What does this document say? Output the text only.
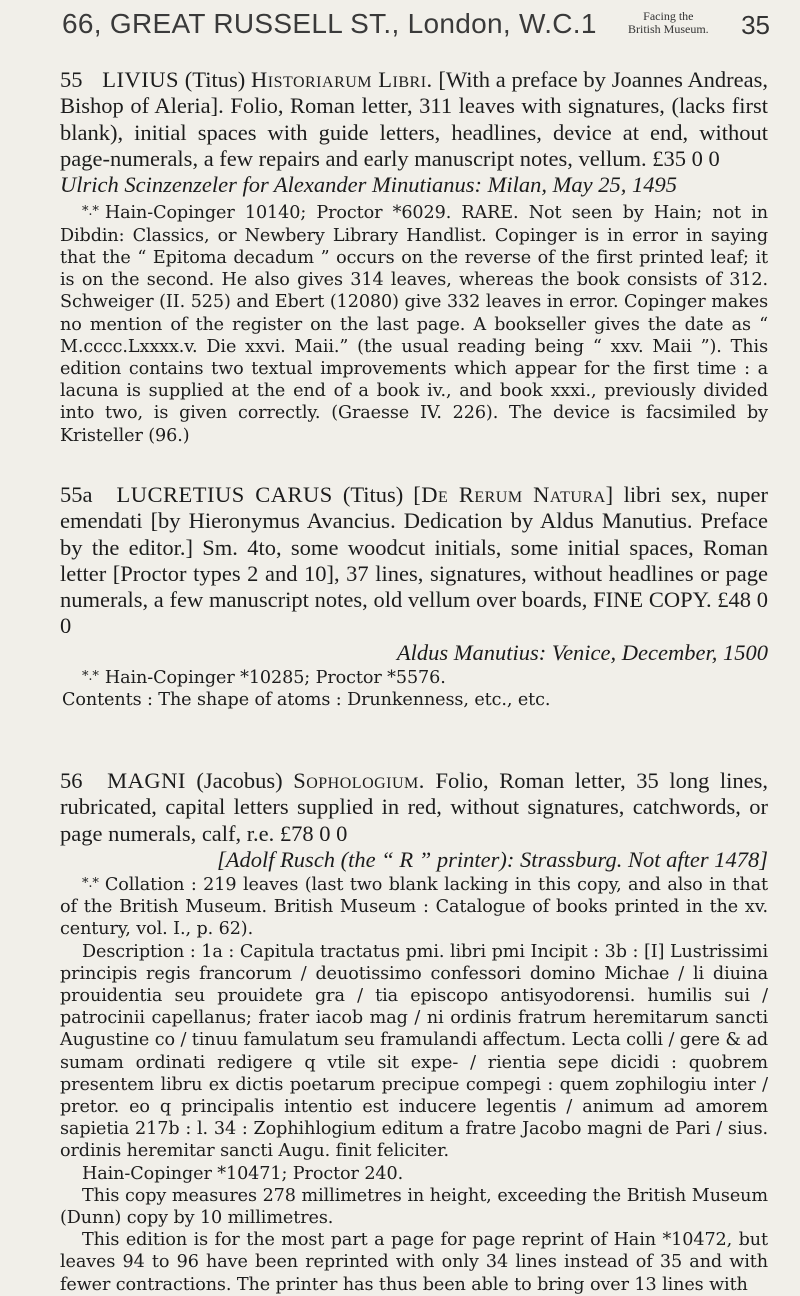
66, GREAT RUSSELL ST., London, W.C.1	Facing the
British Museum. 35

55 LIVIUS (Titus) Historiarum Libri. [With a preface by Joannes Andreas, Bishop of Aleria]. Folio, Roman letter, 311 leaves with signatures, (lacks first blank), initial spaces with guide letters, headlines, device at end, without page-numerals, a few repairs and early manuscript notes, vellum. £35 0 0

Ulrich Scinzenzeler for Alexander Minutianus: Milan, May 25, 1495

*.* Hain-Copinger 10140; Proctor *6029. RARE. Not seen by Hain; not in Dibdin: Classics, or Newbery Library Handlist. Copinger is in error in saying that the “ Epitoma decadum ” occurs on the reverse of the first printed leaf; it is on the second. He also gives 314 leaves, whereas the book consists of 312. Schweiger (II. 525) and Ebert (12080) give 332 leaves in error. Copinger makes no mention of the register on the last page. A bookseller gives the date as “ M.cccc.Lxxxx.v. Die xxvi. Maii.” (the usual reading being “ xxv. Maii ”). This edition contains two textual improvements which appear for the first time : a lacuna is supplied at the end of a book iv., and book xxxi., previously divided into two, is given correctly. (Graesse IV. 226). The device is facsimiled by Kristeller (96.)

55a LUCRETIUS CARUS (Titus) [De Rerum Natura] libri sex, nuper emendati [by Hieronymus Avancius. Dedication by Aldus Manutius. Preface by the editor.] Sm. 4to, some woodcut initials, some initial spaces, Roman letter [Proctor types 2 and 10], 37 lines, signatures, without headlines or page numerals, a few manuscript notes, old vellum over boards, FINE COPY. £48 0 0

Aldus Manutius: Venice, December, 1500

*.* Hain-Copinger *10285; Proctor *5576.

Contents : The shape of atoms : Drunkenness, etc., etc.

56 MAGNI (Jacobus) Sophologium. Folio, Roman letter, 35 long lines, rubricated, capital letters supplied in red, without signatures, catchwords, or page numerals, calf, r.e. £78 0 0

[Adolf Rusch (the “ R ” printer): Strassburg. Not after 1478]

*.* Collation : 219 leaves (last two blank lacking in this copy, and also in that of the British Museum. British Museum : Catalogue of books printed in the xv. century, vol. I., p. 62).

Description : 1a : Capitula tractatus pmi. libri pmi Incipit : 3b : [I] Lustrissimi principis regis francorum / deuotissimo confessori domino Michae / li diuina prouidentia seu prouidete gra / tia episcopo antisyodorensi. humilis sui / patrocinii capellanus; frater iacob mag / ni ordinis fratrum heremitarum sancti Augustine co / tinuu famulatum seu framulandi affectum. Lecta colli / gere & ad sumam ordinati redigere q vtile sit expe- / rientia sepe dicidi : quobrem presentem libru ex dictis poetarum precipue compegi : quem zophilogiu inter / pretor. eo q principalis intentio est inducere legentis / animum ad amorem sapietia 217b : l. 34 : Zophihlogium editum a fratre Jacobo magni de Pari / sius. ordinis heremitar sancti Augu. finit feliciter.

Hain-Copinger *10471; Proctor 240.

This copy measures 278 millimetres in height, exceeding the British Museum (Dunn) copy by 10 millimetres.

This edition is for the most part a page for page reprint of Hain *10472, but leaves 94 to 96 have been reprinted with only 34 lines instead of 35 and with fewer contractions. The printer has thus been able to bring over 13 lines with
